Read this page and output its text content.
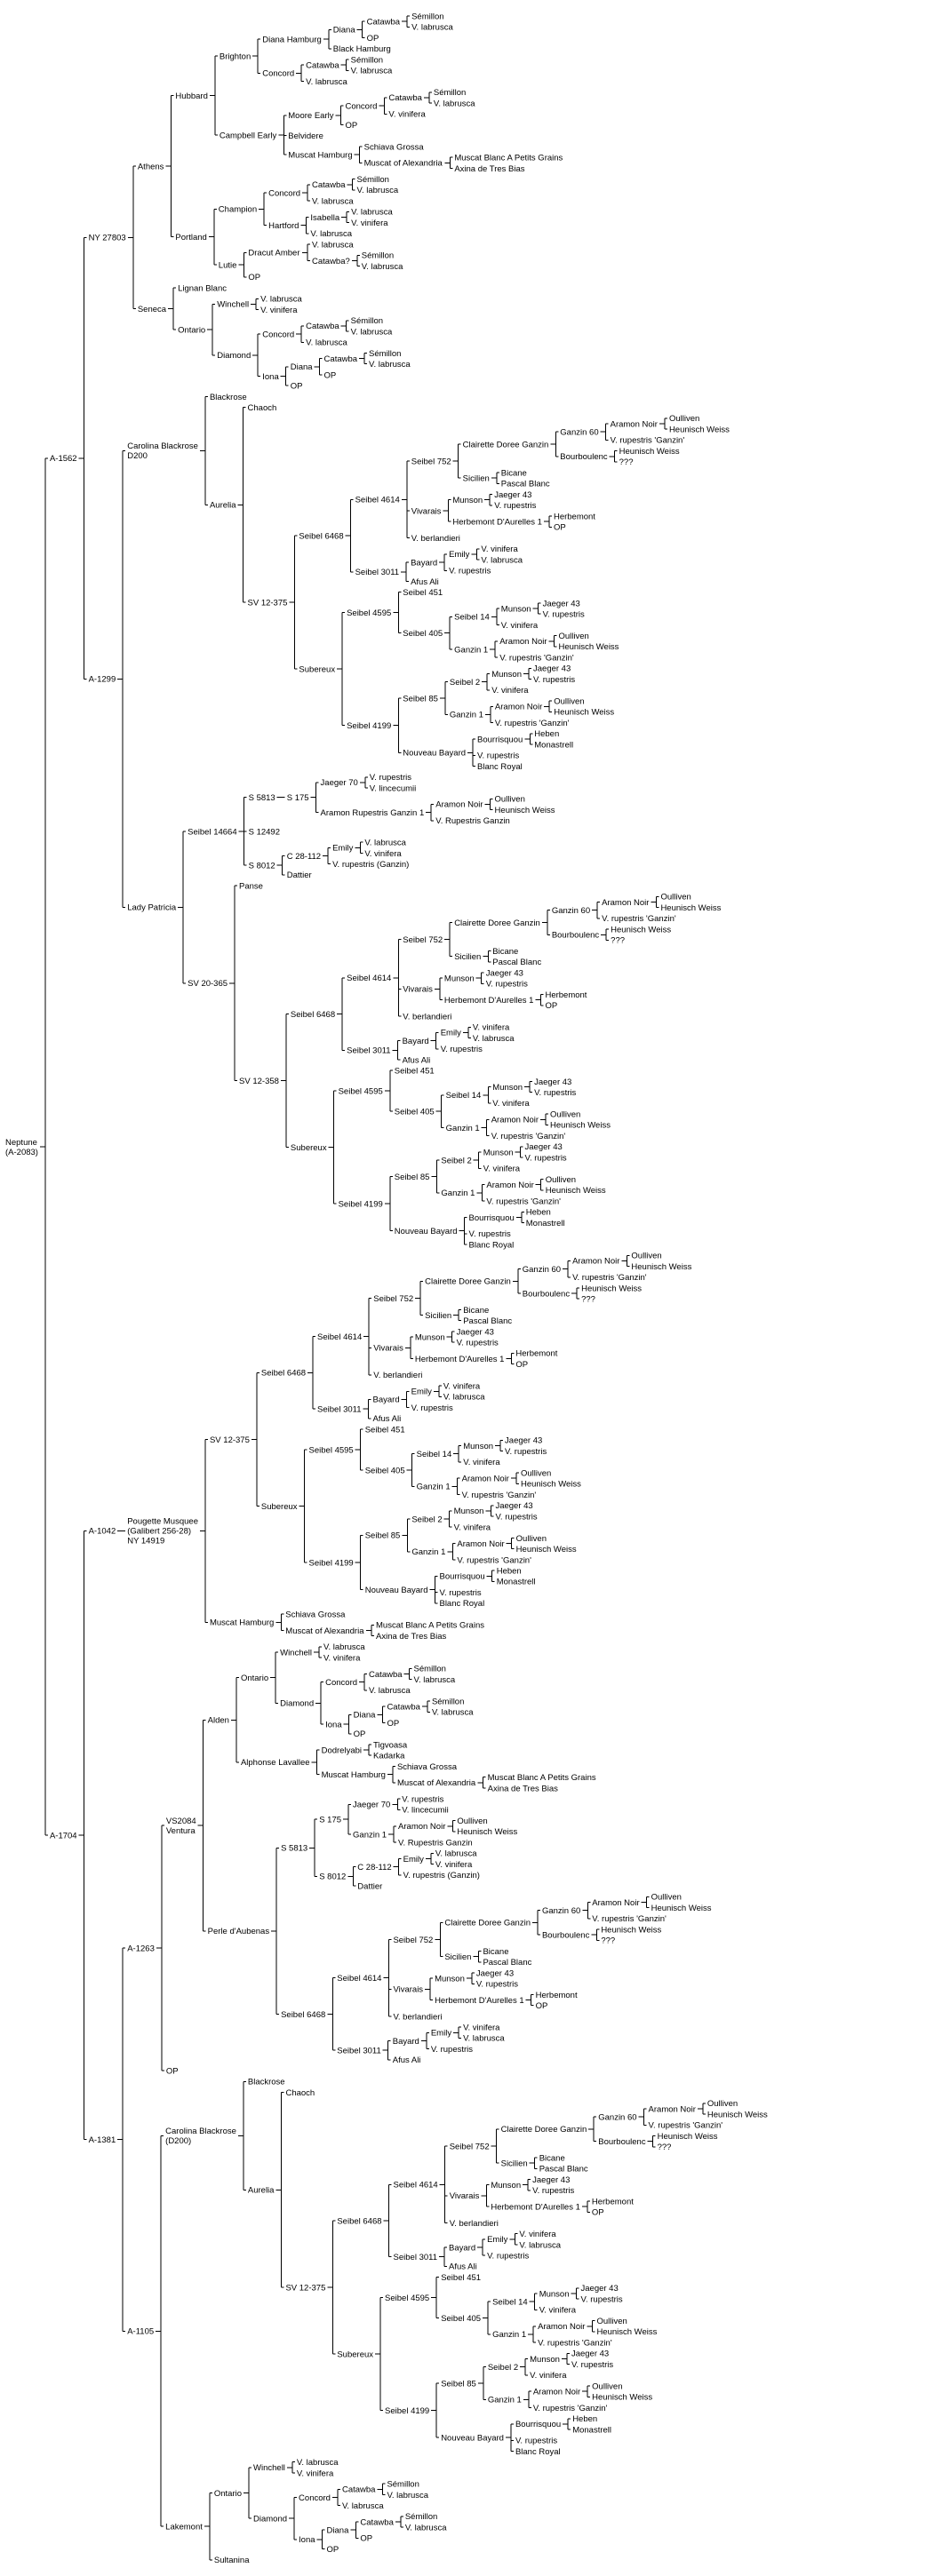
Neptune (A-2083)
A-1562
NY 27803
Athens
Hubbard
Brighton
Diana Hamburg
Diana
Catawba
Sémillon
V. labrusca
OP
Black Hamburg
Concord
Catawba
Sémillon
V. labrusca
V. labrusca
Campbell Early
Moore Early
Concord
Catawba
Sémillon
V. labrusca
V. vinifera
OP
Belvidere
Muscat Hamburg
Schiava Grossa
Muscat of Alexandria
Muscat Blanc A Petits Grains
Axina de Tres Bias
Portland
Champion
Concord
Catawba
Sémillon
V. labrusca
V. labrusca
Hartford
Isabella
V. labrusca
V. vinifera
V. labrusca
Lutie
Dracut Amber
V. labrusca
Catawba?
Sémillon
V. labrusca
OP
Seneca
Lignan Blanc
Ontario
Winchell
V. labrusca
V. vinifera
Diamond
Concord
Catawba
Sémillon
V. labrusca
V. labrusca
Iona
Diana
Catawba
Sémillon
V. labrusca
OP
OP
A-1299
Carolina Blackrose D200
Blackrose
Aurelia
Chaoch
SV 12-375
Seibel 6468
Seibel 4614
Seibel 752
Clairette Doree Ganzin
Ganzin 60
Aramon Noir
Oulliven
Heunisch Weiss
V. rupestris 'Ganzin'
Bourboulenc
Heunisch Weiss
???
Sicilien
Bicane
Pascal Blanc
Vivarais
Munson
Jaeger 43
V. rupestris
Herbemont D'Aurelles 1
Herbemont
OP
V. berlandieri
Seibel 3011
Bayard
Emily
V. vinifera
V. labrusca
V. rupestris
Afus Ali
Subereux
Seibel 4595
Seibel 451
Seibel 405
Seibel 14
Munson
Jaeger 43
V. rupestris
V. vinifera
Ganzin 1
Aramon Noir
Oulliven
Heunisch Weiss
V. rupestris 'Ganzin'
Seibel 4199
Seibel 85
Seibel 2
Munson
Jaeger 43
V. rupestris
V. vinifera
Ganzin 1
Aramon Noir
Oulliven
Heunisch Weiss
V. rupestris 'Ganzin'
Nouveau Bayard
Bourrisquou
Heben
Monastrell
V. rupestris
Blanc Royal
Lady Patricia
Seibel 14664
S 5813 S 175
Jaeger 70
V. rupestris
V. lincecumii
Aramon Rupestris Ganzin 1
Aramon Noir
Oulliven
Heunisch Weiss
V. Rupestris Ganzin
S 12492
S 8012
C 28-112
Emily
V. labrusca
V. vinifera
V. rupestris (Ganzin)
Dattier
SV 20-365
Panse
SV 12-358
Seibel 6468
Seibel 4614
Seibel 752
Clairette Doree Ganzin
Ganzin 60
Aramon Noir
Oulliven
Heunisch Weiss
V. rupestris 'Ganzin'
Bourboulenc
Heunisch Weiss
???
Sicilien
Bicane
Pascal Blanc
Vivarais
Munson
Jaeger 43
V. rupestris
Herbemont D'Aurelles 1
Herbemont
OP
V. berlandieri
Seibel 3011
Bayard
Emily
V. vinifera
V. labrusca
V. rupestris
Afus Ali
Subereux
Seibel 4595
Seibel 451
Seibel 405
Seibel 14
Munson
Jaeger 43
V. rupestris
V. vinifera
Ganzin 1
Aramon Noir
Oulliven
Heunisch Weiss
V. rupestris 'Ganzin'
Seibel 4199
Seibel 85
Seibel 2
Munson
Jaeger 43
V. rupestris
V. vinifera
Ganzin 1
Aramon Noir
Oulliven
Heunisch Weiss
V. rupestris 'Ganzin'
Nouveau Bayard
Bourrisquou
Heben
Monastrell
V. rupestris
Blanc Royal
A-1704
A-1042
Pougette Musquee (Galibert 256-28) NY 14919
SV 12-375
Seibel 6468
Seibel 4614
Seibel 752
Clairette Doree Ganzin
Ganzin 60
Aramon Noir
Oulliven
Heunisch Weiss
V. rupestris 'Ganzin'
Bourboulenc
Heunisch Weiss
???
Sicilien
Bicane
Pascal Blanc
Vivarais
Munson
Jaeger 43
V. rupestris
Herbemont D'Aurelles 1
Herbemont
OP
V. berlandieri
Seibel 3011
Bayard
Emily
V. vinifera
V. labrusca
V. rupestris
Afus Ali
Subereux
Seibel 4595
Seibel 451
Seibel 405
Seibel 14
Munson
Jaeger 43
V. rupestris
V. vinifera
Ganzin 1
Aramon Noir
Oulliven
Heunisch Weiss
V. rupestris 'Ganzin'
Seibel 4199
Seibel 85
Seibel 2
Munson
Jaeger 43
V. rupestris
V. vinifera
Ganzin 1
Aramon Noir
Oulliven
Heunisch Weiss
V. rupestris 'Ganzin'
Nouveau Bayard
Bourrisquou
Heben
Monastrell
V. rupestris
Blanc Royal
Muscat Hamburg
Schiava Grossa
Muscat of Alexandria
Muscat Blanc A Petits Grains
Axina de Tres Bias
A-1381
A-1263
VS2084 Ventura
Alden
Ontario
Winchell
V. labrusca
V. vinifera
Diamond
Concord
Catawba
Sémillon
V. labrusca
V. labrusca
Iona
Diana
Catawba
Sémillon
V. labrusca
OP
OP
Alphonse Lavallee
Dodrelyabi
Tigvoasa
Kadarka
Muscat Hamburg
Schiava Grossa
Muscat of Alexandria
Muscat Blanc A Petits Grains
Axina de Tres Bias
Perle d'Aubenas
S 5813
S 175
Jaeger 70
V. rupestris
V. lincecumii
Ganzin 1
Aramon Noir
Oulliven
Heunisch Weiss
V. Rupestris Ganzin
S 8012
C 28-112
Emily
V. labrusca
V. vinifera
V. rupestris (Ganzin)
Dattier
Seibel 6468
Seibel 4614
Seibel 752
Clairette Doree Ganzin
Ganzin 60
Aramon Noir
Oulliven
Heunisch Weiss
V. rupestris 'Ganzin'
Bourboulenc
Heunisch Weiss
???
Sicilien
Bicane
Pascal Blanc
Vivarais
Munson
Jaeger 43
V. rupestris
Herbemont D'Aurelles 1
Herbemont
OP
V. berlandieri
Seibel 3011
Bayard
Emily
V. vinifera
V. labrusca
V. rupestris
Afus Ali
OP
A-1105
Carolina Blackrose (D200)
Blackrose
Aurelia
Chaoch
SV 12-375
Seibel 6468
Seibel 4614
Seibel 752
Clairette Doree Ganzin
Ganzin 60
Aramon Noir
Oulliven
Heunisch Weiss
V. rupestris 'Ganzin'
Bourboulenc
Heunisch Weiss
???
Sicilien
Bicane
Pascal Blanc
Vivarais
Munson
Jaeger 43
V. rupestris
Herbemont D'Aurelles 1
Herbemont
OP
V. berlandieri
Seibel 3011
Bayard
Emily
V. vinifera
V. labrusca
V. rupestris
Afus Ali
Subereux
Seibel 4595
Seibel 451
Seibel 405
Seibel 14
Munson
Jaeger 43
V. rupestris
V. vinifera
Ganzin 1
Aramon Noir
Oulliven
Heunisch Weiss
V. rupestris 'Ganzin'
Seibel 4199
Seibel 85
Seibel 2
Munson
Jaeger 43
V. rupestris
V. vinifera
Ganzin 1
Aramon Noir
Oulliven
Heunisch Weiss
V. rupestris 'Ganzin'
Nouveau Bayard
Bourrisquou
Heben
Monastrell
V. rupestris
Blanc Royal
Lakemont
Ontario
Winchell
V. labrusca
V. vinifera
Diamond
Concord
Catawba
Sémillon
V. labrusca
V. labrusca
Iona
Diana
Catawba
Sémillon
V. labrusca
OP
OP
Sultanina
